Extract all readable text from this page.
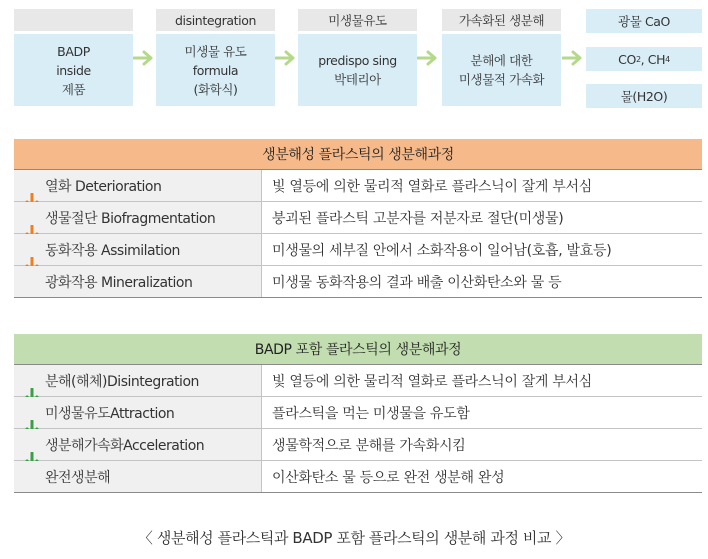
BADP
inside
제품
disintegration
미생물 유도
formula
(화학식)
미생물유도
predispo sing
박테리아
가속화된 생분해
분해에 대한
미생물적 가속화
광물 CaO
CO 2 , CH 4
물(H2O)
생분해성 플라스틱의 생분해과정
열화 Deterioration	빛 열등에 의한 물리적 열화로 플라스닉이 잘게 부서심
생물절단 Biofragmentation	붕괴된 플라스틱 고분자를 저분자로 절단(미생물)
동화작용 Assimilation	미생물의 세부질 안에서 소화작용이 일어남(호흡, 발효등)
광화작용 Mineralization	미생물 동화작용의 결과 배출 이산화탄소와 물 등
BADP 포함 플라스틱의 생분해과정
분해(해체)Disintegration	빛 열등에 의한 물리적 열화로 플라스닉이 잘게 부서심
미생물유도Attraction	플라스틱을 먹는 미생물을 유도함
생분해가속화Acceleration	생물학적으로 분해를 가속화시킴
완전생분해	이산화탄소 물 등으로 완전 생분해 완성
〈 생분해성 플라스틱과 BADP 포함 플라스틱의 생분해 과정 비교 〉
